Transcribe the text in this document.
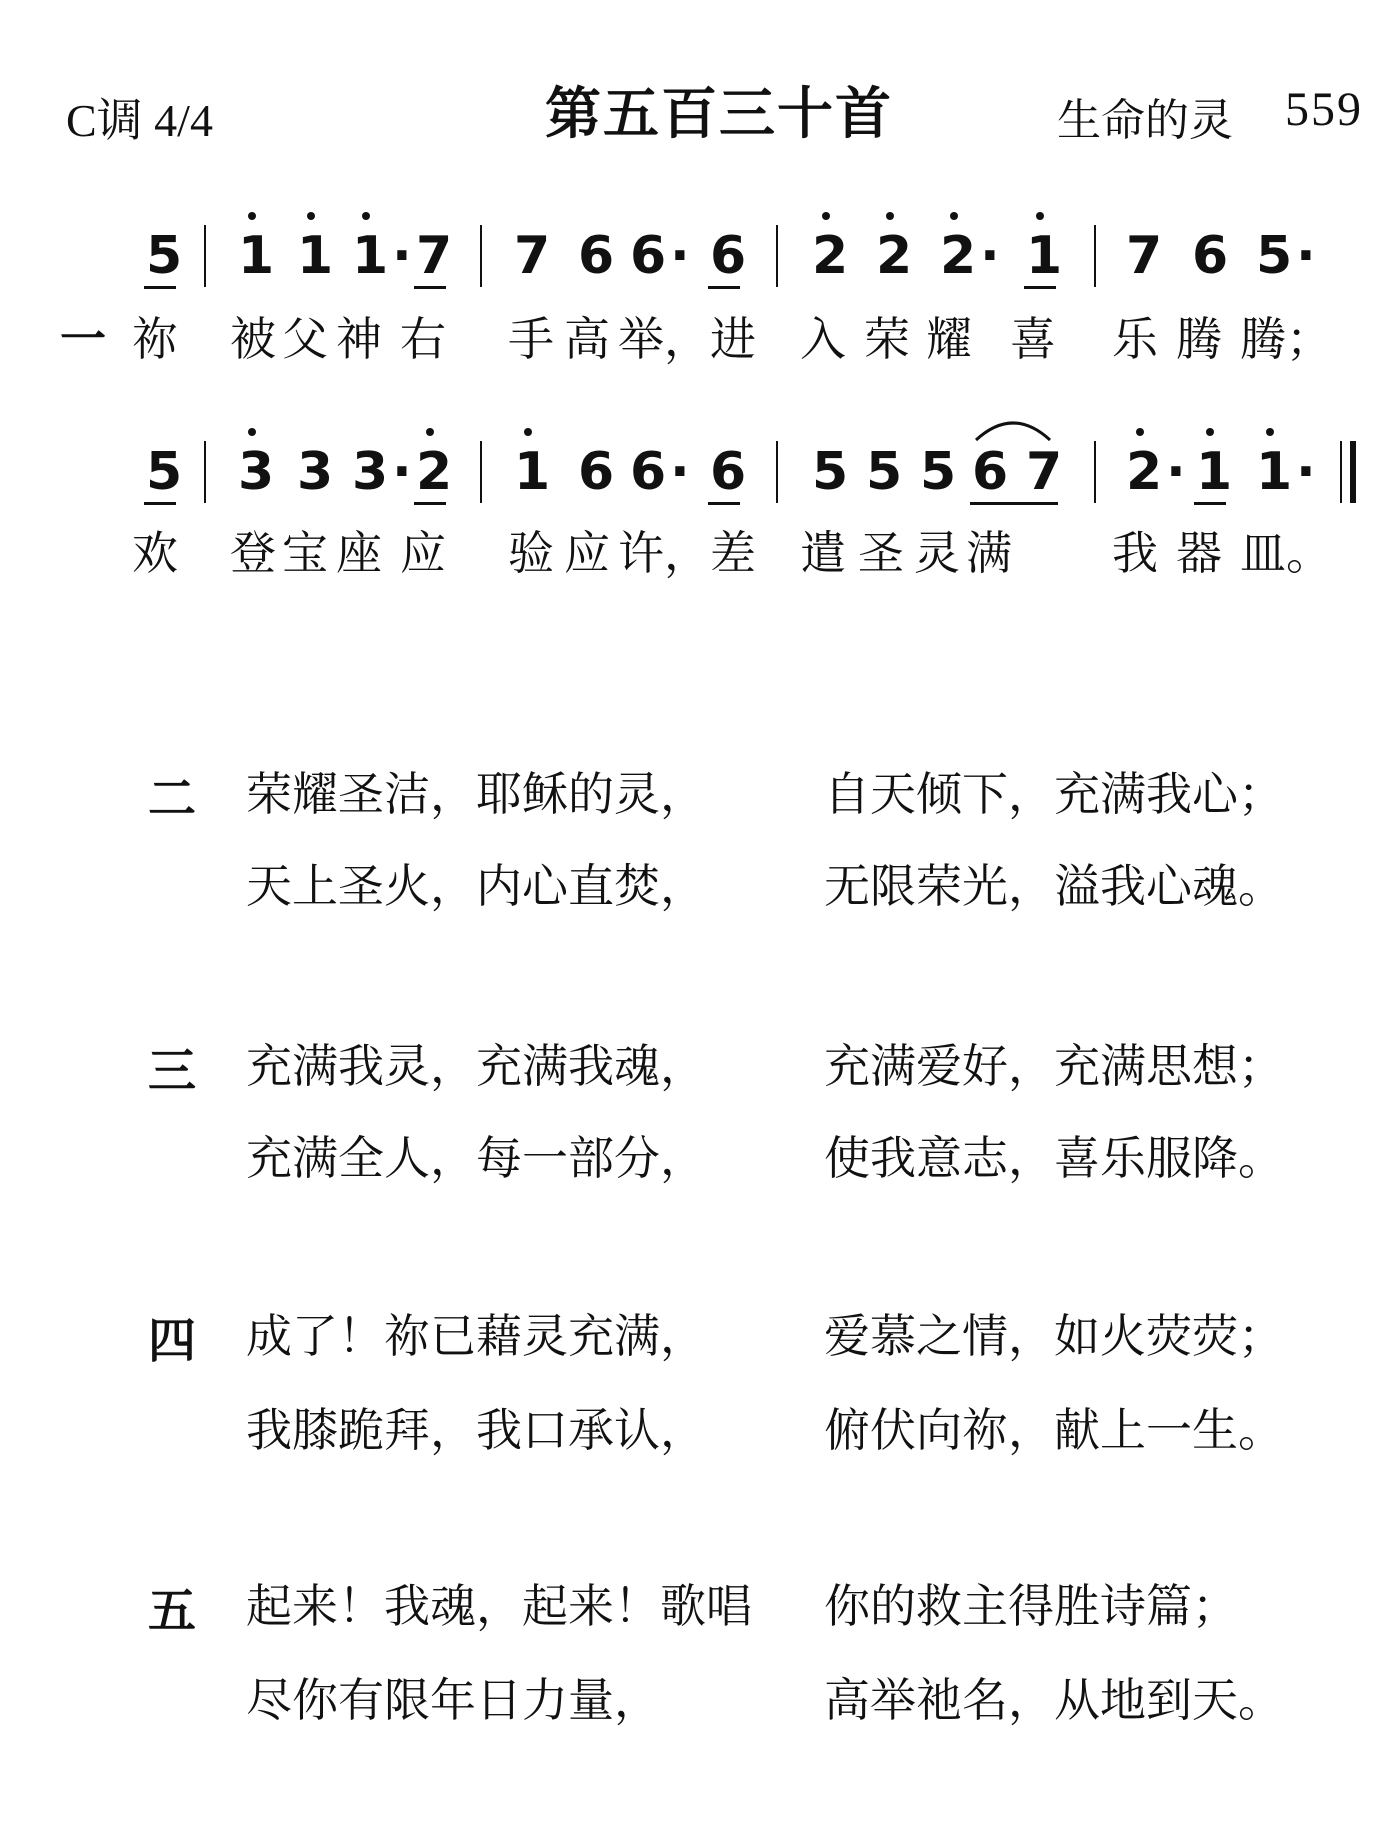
C调 4/4	第五百三十首	生命的灵 559
5 1 1 1 · 7 7 6 6 · 6 2 2 2 · 1 7 6 5 ·
一 祢 被 父 神 右 手 高 举 ，进 入 荣 耀 喜 乐 腾 腾；
5 3 3 3 · 2 1 6 6 · 6 5 5 5 6 7 2 · 1 1 ·
欢 登 宝 座 应 验 应 许 ，差 遣 圣 灵 满 我 器 皿。
二 荣耀圣洁，耶稣的灵，	自天倾下，充满我心；
天上圣火，内心直焚，	无限荣光，溢我心魂。
三 充满我灵，充满我魂，	充满爱好，充满思想；
充满全人，每一部分，	使我意志，喜乐服降。
四 成了！祢已藉灵充满，	爱慕之情，如火荧荧；
我膝跪拜，我口承认，	俯伏向祢，献上一生。
五 起来！我魂，起来！歌唱 你的救主得胜诗篇；
尽你有限年日力量，	高举祂名，从地到天。
